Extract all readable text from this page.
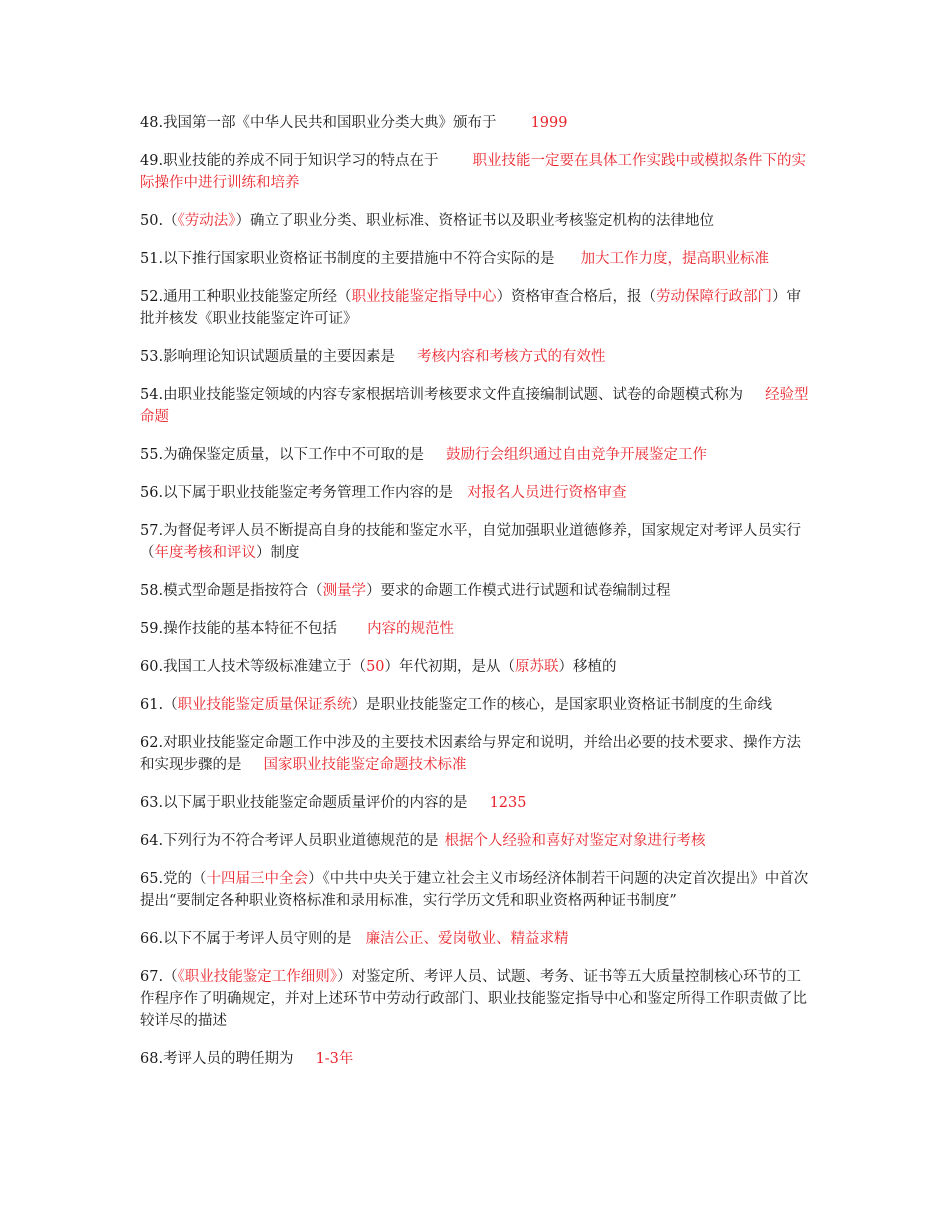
48.我国第一部《中华人民共和国职业分类大典》颁布于 1999

49.职业技能的养成不同于知识学习的特点在于 职业技能一定要在具体工作实践中或模拟条件下的实际操作中进行训练和培养

50.（《劳动法》）确立了职业分类、职业标准、资格证书以及职业考核鉴定机构的法律地位

51.以下推行国家职业资格证书制度的主要措施中不符合实际的是 加大工作力度，提高职业标准

52.通用工种职业技能鉴定所经（职业技能鉴定指导中心）资格审查合格后，报（劳动保障行政部门）审批并核发《职业技能鉴定许可证》

53.影响理论知识试题质量的主要因素是 考核内容和考核方式的有效性

54.由职业技能鉴定领域的内容专家根据培训考核要求文件直接编制试题、试卷的命题模式称为 经验型命题

55.为确保鉴定质量，以下工作中不可取的是 鼓励行会组织通过自由竞争开展鉴定工作

56.以下属于职业技能鉴定考务管理工作内容的是 对报名人员进行资格审查

57.为督促考评人员不断提高自身的技能和鉴定水平，自觉加强职业道德修养，国家规定对考评人员实行（年度考核和评议）制度

58.模式型命题是指按符合（测量学）要求的命题工作模式进行试题和试卷编制过程

59.操作技能的基本特征不包括 内容的规范性

60.我国工人技术等级标准建立于（50）年代初期，是从（原苏联）移植的

61.（职业技能鉴定质量保证系统）是职业技能鉴定工作的核心，是国家职业资格证书制度的生命线

62.对职业技能鉴定命题工作中涉及的主要技术因素给与界定和说明，并给出必要的技术要求、操作方法和实现步骤的是 国家职业技能鉴定命题技术标准

63.以下属于职业技能鉴定命题质量评价的内容的是 1235

64.下列行为不符合考评人员职业道德规范的是 根据个人经验和喜好对鉴定对象进行考核

65.党的（十四届三中全会）《中共中央关于建立社会主义市场经济体制若干问题的决定首次提出》中首次提出“要制定各种职业资格标准和录用标准，实行学历文凭和职业资格两种证书制度”

66.以下不属于考评人员守则的是 廉洁公正、爱岗敬业、精益求精

67.（《职业技能鉴定工作细则》）对鉴定所、考评人员、试题、考务、证书等五大质量控制核心环节的工作程序作了明确规定，并对上述环节中劳动行政部门、职业技能鉴定指导中心和鉴定所得工作职责做了比较详尽的描述

68.考评人员的聘任期为 1-3年
